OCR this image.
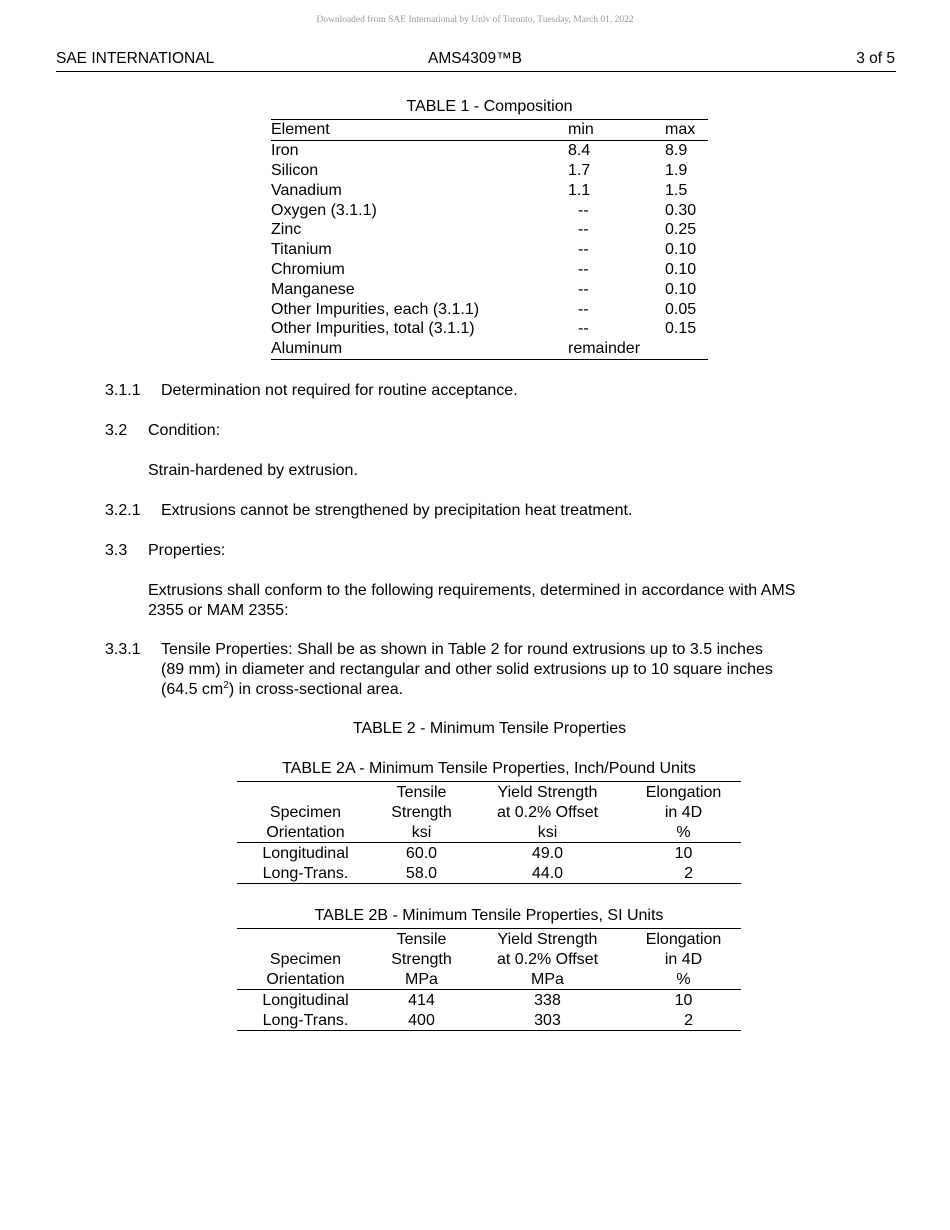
Downloaded from SAE International by Univ of Toronto, Tuesday, March 01, 2022
SAE INTERNATIONAL	AMS4309™B	3 of 5
TABLE 1 - Composition
Element	min	max
Iron	8.4	8.9
Silicon	1.7	1.9
Vanadium	1.1	1.5
Oxygen (3.1.1)	--	0.30
Zinc	--	0.25
Titanium	--	0.10
Chromium	--	0.10
Manganese	--	0.10
Other Impurities, each (3.1.1)	--	0.05
Other Impurities, total (3.1.1)	--	0.15
Aluminum	remainder	
3.1.1 Determination not required for routine acceptance.
3.2 Condition:
Strain-hardened by extrusion.
3.2.1 Extrusions cannot be strengthened by precipitation heat treatment.
3.3 Properties:
Extrusions shall conform to the following requirements, determined in accordance with AMS
2355 or MAM 2355:
3.3.1 Tensile Properties: Shall be as shown in Table 2 for round extrusions up to 3.5 inches
(89 mm) in diameter and rectangular and other solid extrusions up to 10 square inches
(64.5 $cm^2$) in cross-sectional area.
TABLE 2 - Minimum Tensile Properties
TABLE 2A - Minimum Tensile Properties, Inch/Pound Units
	Tensile	Yield Strength	Elongation
Specimen	Strength	at 0.2% Offset	in 4D
Orientation	ksi	ksi	%
Longitudinal	60.0	49.0	10
Long-Trans.	58.0	44.0	2
TABLE 2B - Minimum Tensile Properties, SI Units
	Tensile	Yield Strength	Elongation
Specimen	Strength	at 0.2% Offset	in 4D
Orientation	MPa	MPa	%
Longitudinal	414	338	10
Long-Trans.	400	303	2
